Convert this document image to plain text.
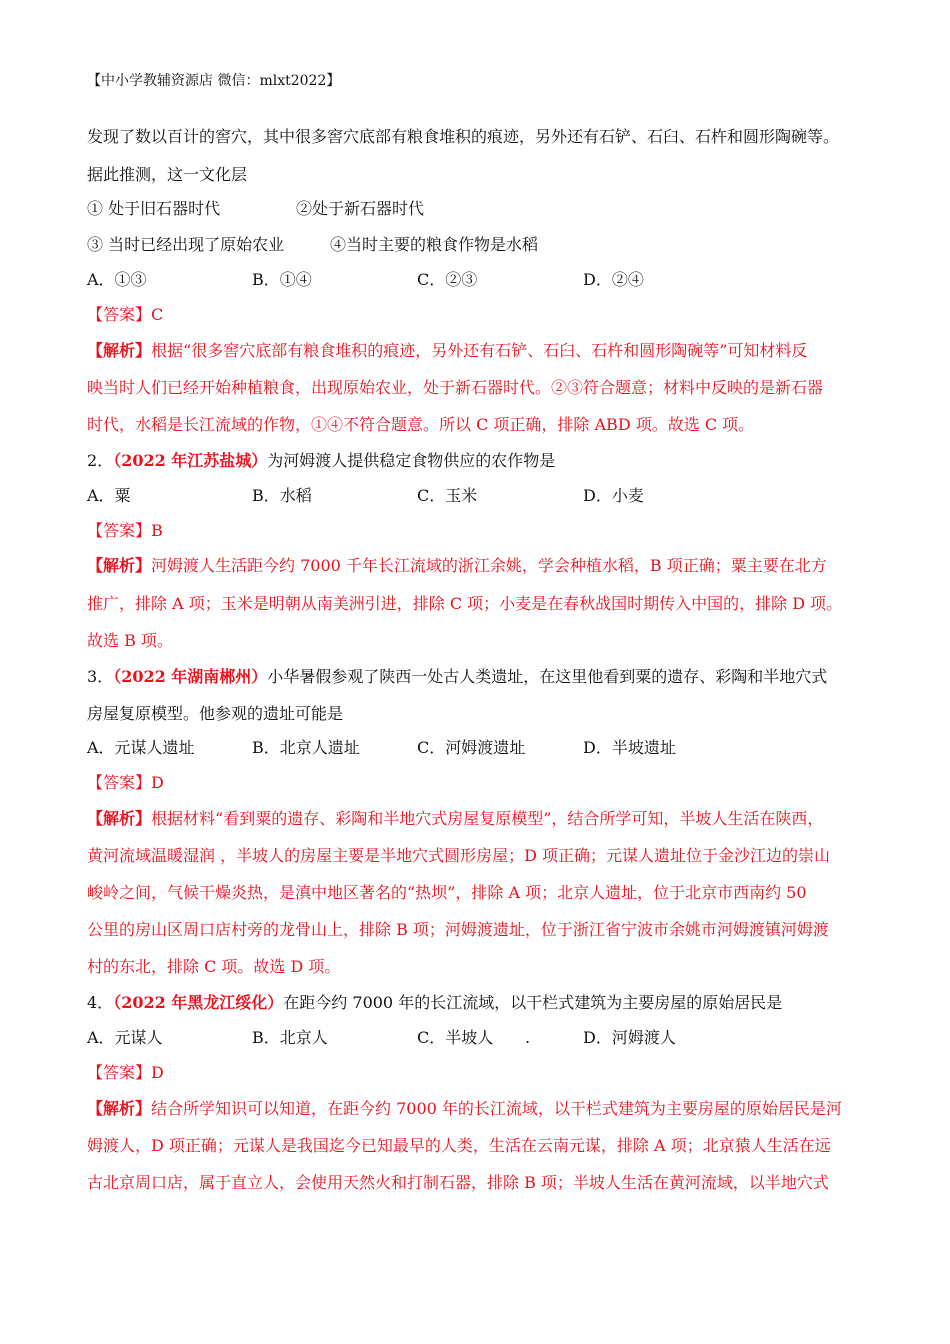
【中小学教辅资源店 微信：mlxt2022】
发现了数以百计的窖穴，其中很多窖穴底部有粮食堆积的痕迹，另外还有石铲、石臼、石杵和圆形陶碗等。
据此推测，这一文化层
① 处于旧石器时代	②处于新石器时代
③ 当时已经出现了原始农业	④当时主要的粮食作物是水稻
A．①③	B．①④	C．②③	D．②④
【答案】C
【解析】根据“很多窖穴底部有粮食堆积的痕迹，另外还有石铲、石臼、石杵和圆形陶碗等”可知材料反
映当时人们已经开始种植粮食，出现原始农业，处于新石器时代。②③符合题意；材料中反映的是新石器
时代，水稻是长江流域的作物，①④不符合题意。所以 C 项正确，排除 ABD 项。故选 C 项。
2．（2022 年江苏盐城）为河姆渡人提供稳定食物供应的农作物是
A．粟	B．水稻	C．玉米	D．小麦
【答案】B
【解析】河姆渡人生活距今约 7000 千年长江流域的浙江余姚，学会种植水稻，B 项正确；粟主要在北方
推广，排除 A 项；玉米是明朝从南美洲引进，排除 C 项；小麦是在春秋战国时期传入中国的，排除 D 项。
故选 B 项。
3．（2022 年湖南郴州）小华暑假参观了陕西一处古人类遗址，在这里他看到粟的遗存、彩陶和半地穴式
房屋复原模型。他参观的遗址可能是
A．元谋人遗址	B．北京人遗址	C．河姆渡遗址	D．半坡遗址
【答案】D
【解析】根据材料“看到粟的遗存、彩陶和半地穴式房屋复原模型”，结合所学可知，半坡人生活在陕西，
黄河流域温暖湿润 ，半坡人的房屋主要是半地穴式圆形房屋；D 项正确；元谋人遗址位于金沙江边的崇山
峻岭之间，气候干燥炎热，是滇中地区著名的“热坝”，排除 A 项；北京人遗址，位于北京市西南约 50
公里的房山区周口店村旁的龙骨山上，排除 B 项；河姆渡遗址，位于浙江省宁波市余姚市河姆渡镇河姆渡
村的东北，排除 C 项。故选 D 项。
4．（2022 年黑龙江绥化）在距今约 7000 年的长江流域，以干栏式建筑为主要房屋的原始居民是
A．元谋人	B．北京人	C．半坡人 .	D．河姆渡人
【答案】D
【解析】结合所学知识可以知道，在距今约 7000 年的长江流域，以干栏式建筑为主要房屋的原始居民是河
姆渡人，D 项正确；元谋人是我国迄今已知最早的人类，生活在云南元谋，排除 A 项；北京猿人生活在远
古北京周口店，属于直立人，会使用天然火和打制石器，排除 B 项；半坡人生活在黄河流域，以半地穴式
